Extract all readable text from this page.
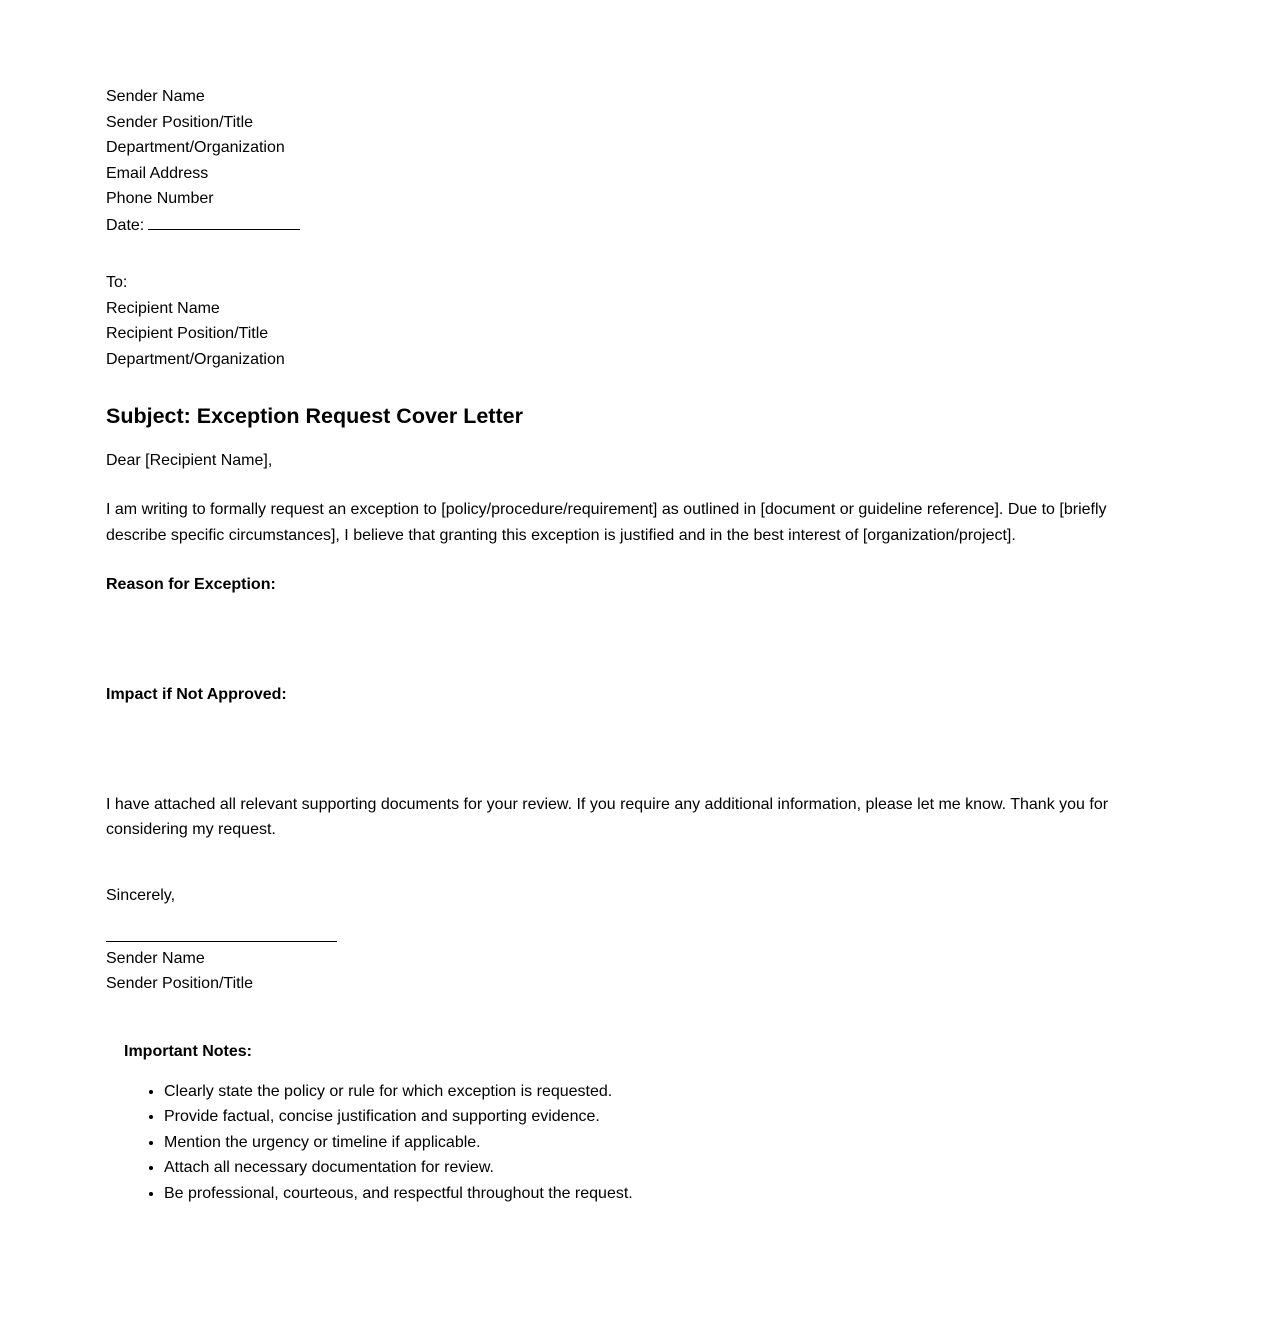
Sender Name
Sender Position/Title
Department/Organization
Email Address
Phone Number
Date:
To:
Recipient Name
Recipient Position/Title
Department/Organization
Subject: Exception Request Cover Letter
Dear [Recipient Name],
I am writing to formally request an exception to [policy/procedure/requirement] as outlined in [document or guideline reference]. Due to [briefly describe specific circumstances], I believe that granting this exception is justified and in the best interest of [organization/project].
Reason for Exception:
Impact if Not Approved:
I have attached all relevant supporting documents for your review. If you require any additional information, please let me know. Thank you for considering my request.
Sincerely,
Sender Name
Sender Position/Title
Important Notes:
• Clearly state the policy or rule for which exception is requested.
• Provide factual, concise justification and supporting evidence.
• Mention the urgency or timeline if applicable.
• Attach all necessary documentation for review.
• Be professional, courteous, and respectful throughout the request.
